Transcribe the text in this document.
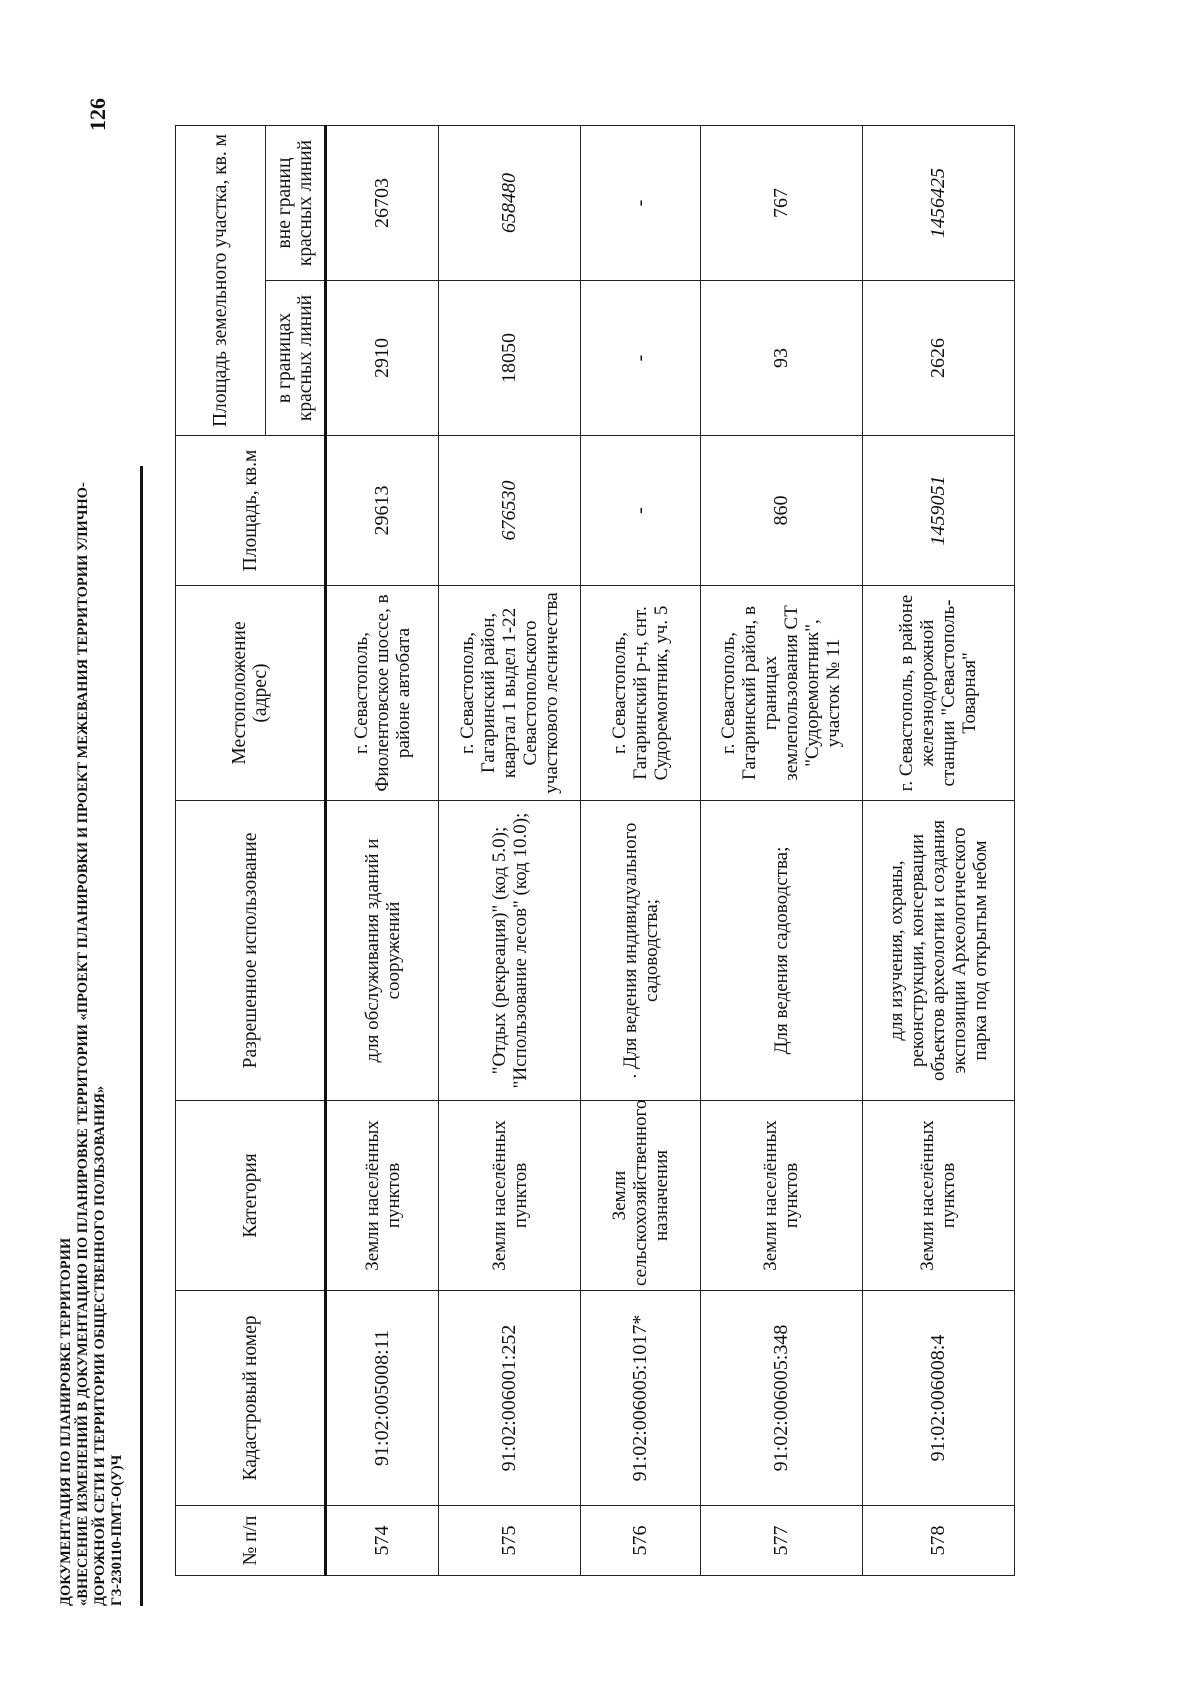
ДОКУМЕНТАЦИЯ ПО ПЛАНИРОВКЕ ТЕРРИТОРИИ «ВНЕСЕНИЕ ИЗМЕНЕНИЙ В ДОКУМЕНТАЦИЮ ПО ПЛАНИРОВКЕ ТЕРРИТОРИИ «ПРОЕКТ ПЛАНИРОВКИ И ПРОЕКТ МЕЖЕВАНИЯ ТЕРРИТОРИИ УЛИЧНО- ДОРОЖНОЙ СЕТИ И ТЕРРИТОРИИ ОБЩЕСТВЕННОГО ПОЛЬЗОВАНИЯ» ГЗ-230110-ПМТ-О(У)Ч
126
№ п/п	Кадастровый номер	Категория	Разрешенное использование	Местоположение (адрес)	Площадь, кв.м	Площадь земельного участка, кв. м	
						в границах красных линий	вне границ красных линий
574	91:02:005008:11	Земли населённых пунктов	для обслуживания зданий и сооружений	г. Севастополь, Фиолентовское шоссе, в районе автобата	29613	2910	26703
575	91:02:006001:252	Земли населённых пунктов	"Отдых (рекреация)" (код 5.0); "Использование лесов" (код 10.0);	г. Севастополь, Гагаринский район, квартал 1 выдел 1-22 Севастопольского участкового лесничества	676530	18050	658480
576	91:02:006005:1017*	Земли сельскохозяйственного назначения	. Для ведения индивидуального садоводства;	г. Севастополь, Гагаринский р-н, снт. Судоремонтник, уч. 5	-	-	-
577	91:02:006005:348	Земли населённых пунктов	Для ведения садоводства;	г. Севастополь, Гагаринский район, в границах землепользования СТ "Судоремонтник", участок № 11	860	93	767
578	91:02:006008:4	Земли населённых пунктов	для изучения, охраны, реконструкции, консервации объектов археологии и создания экспозиции Археологического парка под открытым небом	г. Севастополь, в районе железнодорожной станции "Севастополь-Товарная"	1459051	2626	1456425
